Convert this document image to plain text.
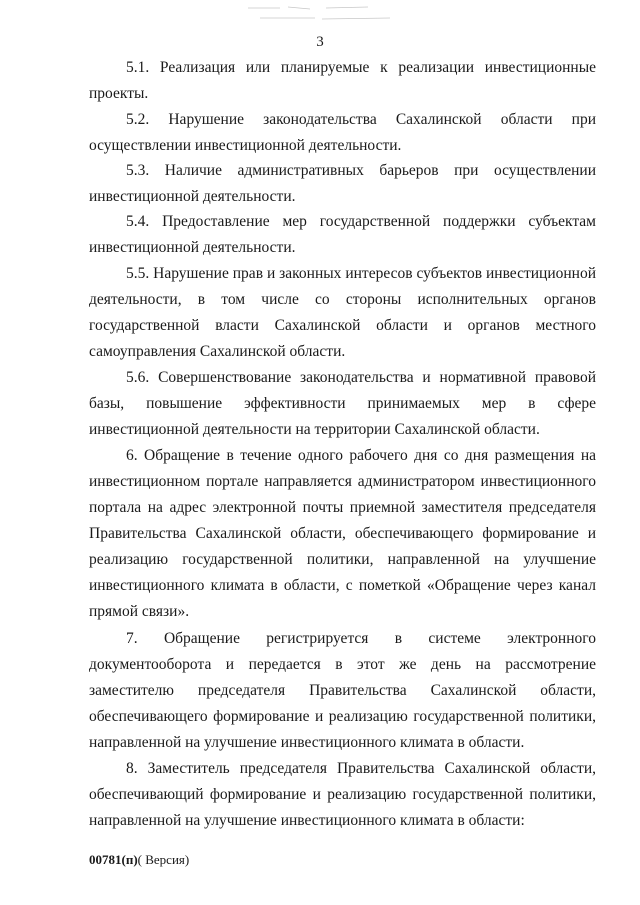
3

5.1. Реализация или планируемые к реализации инвестиционные проекты.

5.2. Нарушение законодательства Сахалинской области при осуществлении инвестиционной деятельности.

5.3. Наличие административных барьеров при осуществлении инвестиционной деятельности.

5.4. Предоставление мер государственной поддержки субъектам инвестиционной деятельности.

5.5. Нарушение прав и законных интересов субъектов инвестиционной деятельности, в том числе со стороны исполнительных органов государственной власти Сахалинской области и органов местного самоуправления Сахалинской области.

5.6. Совершенствование законодательства и нормативной правовой базы, повышение эффективности принимаемых мер в сфере инвестиционной деятельности на территории Сахалинской области.

6. Обращение в течение одного рабочего дня со дня размещения на инвестиционном портале направляется администратором инвестиционного портала на адрес электронной почты приемной заместителя председателя Правительства Сахалинской области, обеспечивающего формирование и реализацию государственной политики, направленной на улучшение инвестиционного климата в области, с пометкой «Обращение через канал прямой связи».

7. Обращение регистрируется в системе электронного документооборота и передается в этот же день на рассмотрение заместителю председателя Правительства Сахалинской области, обеспечивающего формирование и реализацию государственной политики, направленной на улучшение инвестиционного климата в области.

8. Заместитель председателя Правительства Сахалинской области, обеспечивающий формирование и реализацию государственной политики, направленной на улучшение инвестиционного климата в области:

00781(п)( Версия)
